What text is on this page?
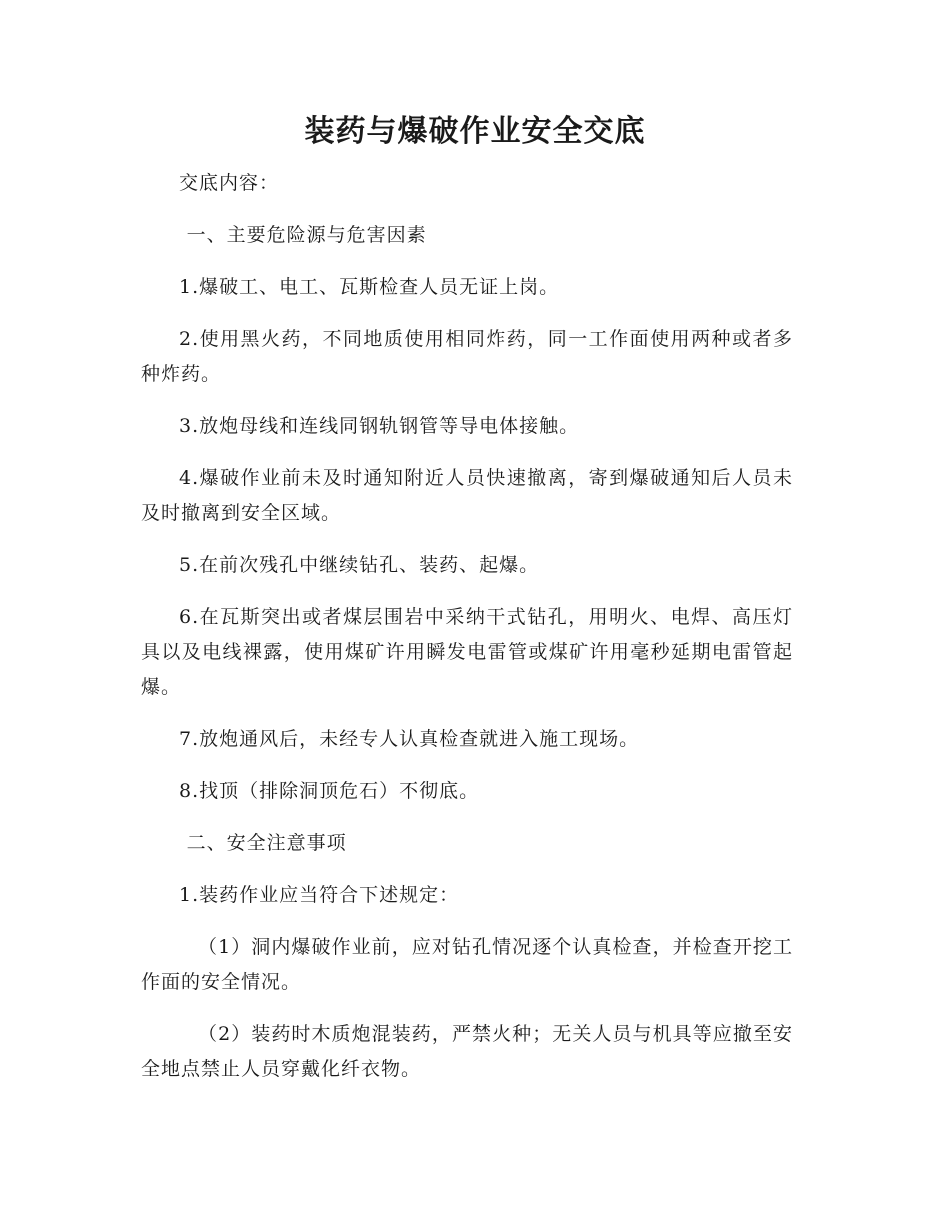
装药与爆破作业安全交底

交底内容：

一、主要危险源与危害因素

1.爆破工、电工、瓦斯检查人员无证上岗。

2.使用黑火药，不同地质使用相同炸药，同一工作面使用两种或者多种炸药。

3.放炮母线和连线同钢轨钢管等导电体接触。

4.爆破作业前未及时通知附近人员快速撤离，寄到爆破通知后人员未及时撤离到安全区域。

5.在前次残孔中继续钻孔、装药、起爆。

6.在瓦斯突出或者煤层围岩中采纳干式钻孔，用明火、电焊、高压灯具以及电线裸露，使用煤矿许用瞬发电雷管或煤矿许用毫秒延期电雷管起爆。

7.放炮通风后，未经专人认真检查就进入施工现场。

8.找顶（排除洞顶危石）不彻底。

二、安全注意事项

1.装药作业应当符合下述规定：

（1）洞内爆破作业前，应对钻孔情况逐个认真检查，并检查开挖工作面的安全情况。

（2）装药时木质炮混装药，严禁火种；无关人员与机具等应撤至安全地点禁止人员穿戴化纤衣物。
